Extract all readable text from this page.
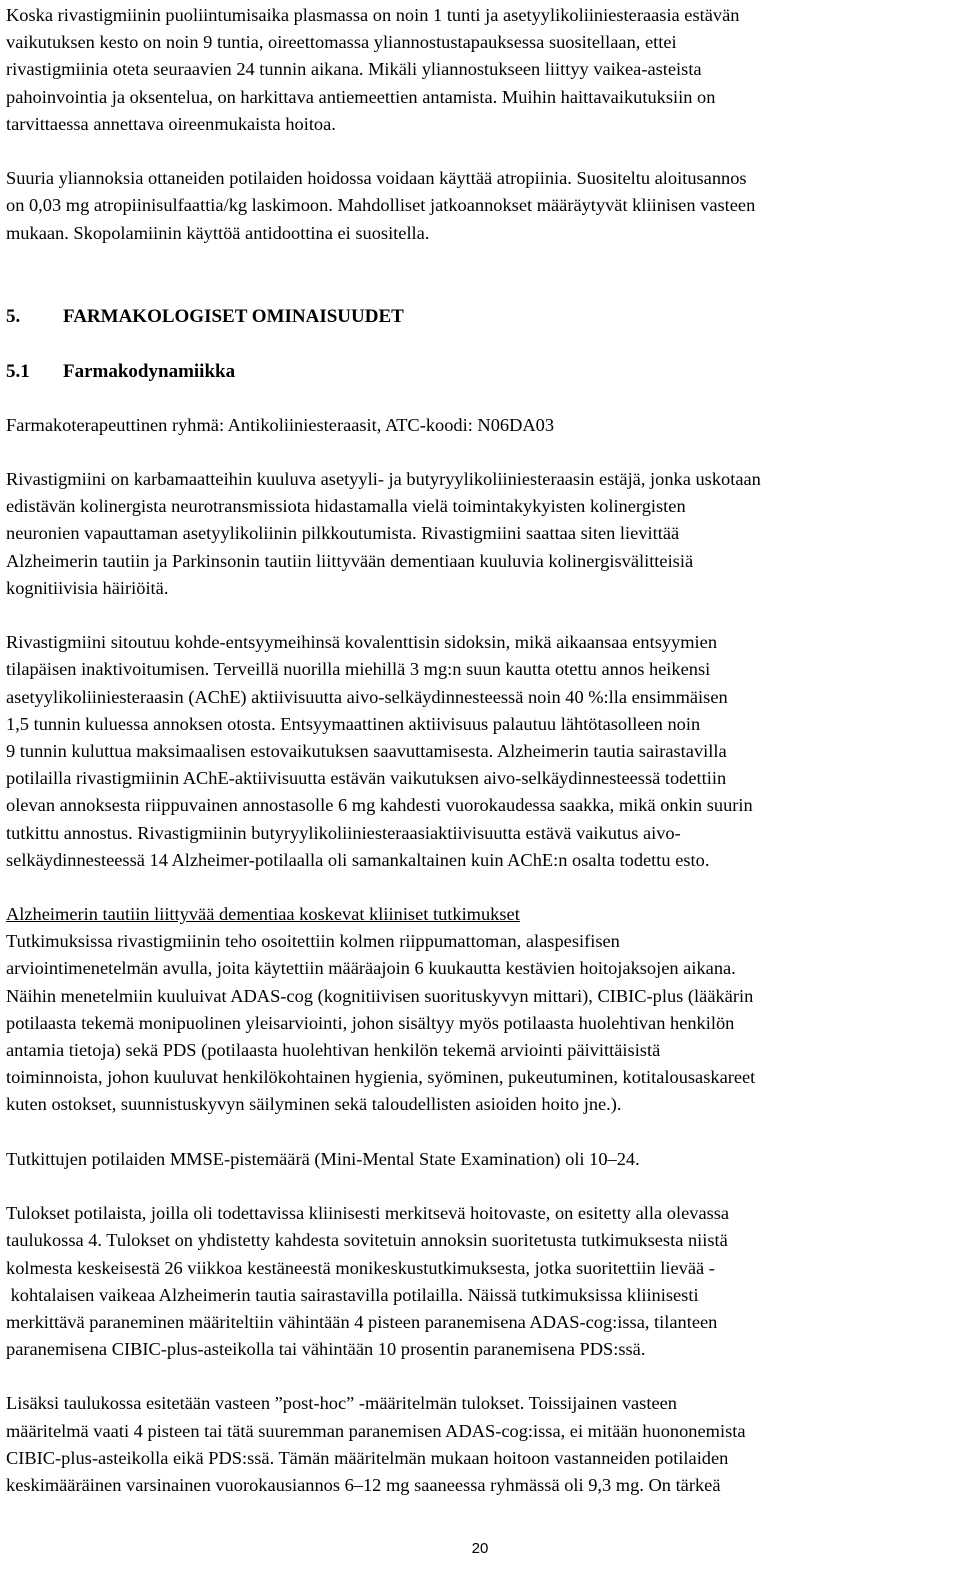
Koska rivastigmiinin puoliintumisaika plasmassa on noin 1 tunti ja asetyylikoliiniesteraasia estävän
vaikutuksen kesto on noin 9 tuntia, oireettomassa yliannostustapauksessa suositellaan, ettei
rivastigmiinia oteta seuraavien 24 tunnin aikana. Mikäli yliannostukseen liittyy vaikea-asteista
pahoinvointia ja oksentelua, on harkittava antiemeettien antamista. Muihin haittavaikutuksiin on
tarvittaessa annettava oireenmukaista hoitoa.
Suuria yliannoksia ottaneiden potilaiden hoidossa voidaan käyttää atropiinia. Suositeltu aloitusannos
on 0,03 mg atropiinisulfaattia/kg laskimoon. Mahdolliset jatkoannokset määräytyvät kliinisen vasteen
mukaan. Skopolamiinin käyttöä antidoottina ei suositella.
5. FARMAKOLOGISET OMINAISUUDET
5.1 Farmakodynamiikka
Farmakoterapeuttinen ryhmä: Antikoliiniesteraasit, ATC-koodi: N06DA03
Rivastigmiini on karbamaatteihin kuuluva asetyyli- ja butyryylikoliiniesteraasin estäjä, jonka uskotaan
edistävän kolinergista neurotransmissiota hidastamalla vielä toimintakykyisten kolinergisten
neuronien vapauttaman asetyylikoliinin pilkkoutumista. Rivastigmiini saattaa siten lievittää
Alzheimerin tautiin ja Parkinsonin tautiin liittyvään dementiaan kuuluvia kolinergisvälitteisiä
kognitiivisia häiriöitä.
Rivastigmiini sitoutuu kohde-entsyymeihinsä kovalenttisin sidoksin, mikä aikaansaa entsyymien
tilapäisen inaktivoitumisen. Terveillä nuorilla miehillä 3 mg:n suun kautta otettu annos heikensi
asetyylikoliiniesteraasin (AChE) aktiivisuutta aivo-selkäydinnesteessä noin 40 %:lla ensimmäisen
1,5 tunnin kuluessa annoksen otosta. Entsyymaattinen aktiivisuus palautuu lähtötasolleen noin
9 tunnin kuluttua maksimaalisen estovaikutuksen saavuttamisesta. Alzheimerin tautia sairastavilla
potilailla rivastigmiinin AChE-aktiivisuutta estävän vaikutuksen aivo-selkäydinnesteessä todettiin
olevan annoksesta riippuvainen annostasolle 6 mg kahdesti vuorokaudessa saakka, mikä onkin suurin
tutkittu annostus. Rivastigmiinin butyryylikoliiniesteraasiaktiivisuutta estävä vaikutus aivo-
selkäydinnesteessä 14 Alzheimer-potilaalla oli samankaltainen kuin AChE:n osalta todettu esto.
Alzheimerin tautiin liittyvää dementiaa koskevat kliiniset tutkimukset
Tutkimuksissa rivastigmiinin teho osoitettiin kolmen riippumattoman, alaspesifisen
arviointimenetelmän avulla, joita käytettiin määräajoin 6 kuukautta kestävien hoitojaksojen aikana.
Näihin menetelmiin kuuluivat ADAS-cog (kognitiivisen suorituskyvyn mittari), CIBIC-plus (lääkärin
potilaasta tekemä monipuolinen yleisarviointi, johon sisältyy myös potilaasta huolehtivan henkilön
antamia tietoja) sekä PDS (potilaasta huolehtivan henkilön tekemä arviointi päivittäisistä
toiminnoista, johon kuuluvat henkilökohtainen hygienia, syöminen, pukeutuminen, kotitalousaskareet
kuten ostokset, suunnistuskyvyn säilyminen sekä taloudellisten asioiden hoito jne.).
Tutkittujen potilaiden MMSE-pistemäärä (Mini-Mental State Examination) oli 10–24.
Tulokset potilaista, joilla oli todettavissa kliinisesti merkitsevä hoitovaste, on esitetty alla olevassa
taulukossa 4. Tulokset on yhdistetty kahdesta sovitetuin annoksin suoritetusta tutkimuksesta niistä
kolmesta keskeisestä 26 viikkoa kestäneestä monikeskustutkimuksesta, jotka suoritettiin lievää -
kohtalaisen vaikeaa Alzheimerin tautia sairastavilla potilailla. Näissä tutkimuksissa kliinisesti
merkittävä paraneminen määriteltiin vähintään 4 pisteen paranemisena ADAS-cog:issa, tilanteen
paranemisena CIBIC-plus-asteikolla tai vähintään 10 prosentin paranemisena PDS:ssä.
Lisäksi taulukossa esitetään vasteen ”post-hoc” -määritelmän tulokset. Toissijainen vasteen
määritelmä vaati 4 pisteen tai tätä suuremman paranemisen ADAS-cog:issa, ei mitään huononemista
CIBIC-plus-asteikolla eikä PDS:ssä. Tämän määritelmän mukaan hoitoon vastanneiden potilaiden
keskimääräinen varsinainen vuorokausiannos 6–12 mg saaneessa ryhmässä oli 9,3 mg. On tärkeä
20
